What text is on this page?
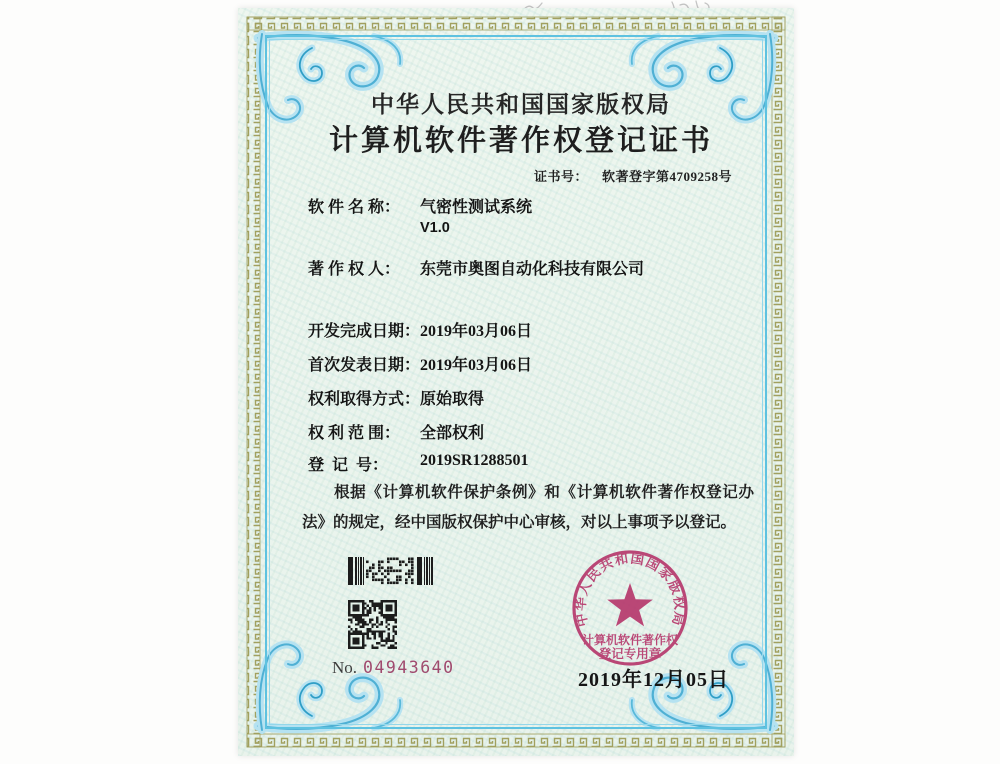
中华人民共和国国家版权局
计算机软件著作权登记证书
证书号： 软著登字第4709258号
软 件 名 称： 气密性测试系统
V1.0
著 作 权 人： 东莞市奥图自动化科技有限公司
开发完成日期：2019年03月06日
首次发表日期：2019年03月06日
权利取得方式：原始取得
权 利 范 围： 全部权利
登  记  号： 2019SR1288501
根据《计算机软件保护条例》和《计算机软件著作权登记办法》的规定，经中国版权保护中心审核，对以上事项予以登记。
No. 04943640
中华人民共和国国家版权局
计算机软件著作权
登记专用章
2019年12月05日
